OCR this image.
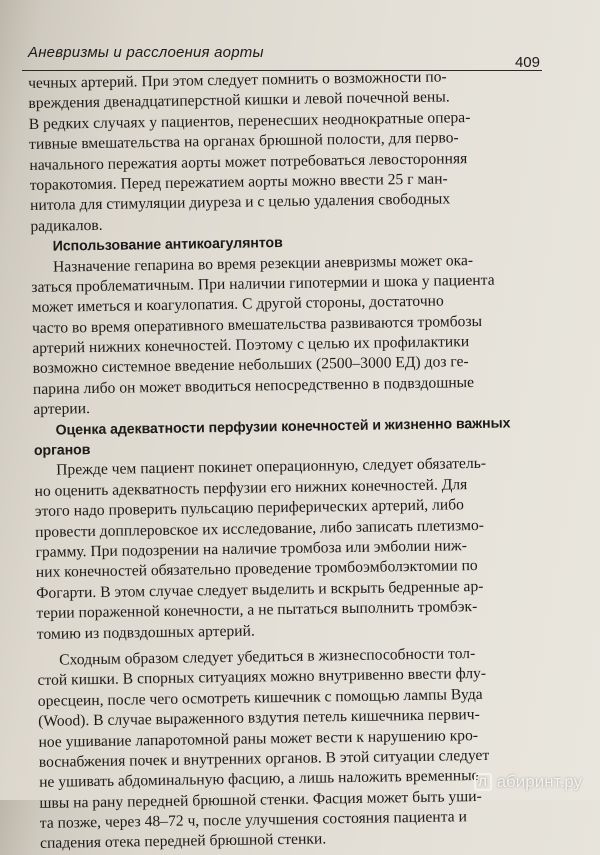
Аневризмы и расслоения аорты
409
чечных артерий. При этом следует помнить о возможности по-
вреждения двенадцатиперстной кишки и левой почечной вены.
В редких случаях у пациентов, перенесших неоднократные опера-
тивные вмешательства на органах брюшной полости, для перво-
начального пережатия аорты может потребоваться левосторонняя
торакотомия. Перед пережатием аорты можно ввести 25 г ман-
нитола для стимуляции диуреза и с целью удаления свободных
радикалов.
Использование антикоагулянтов
Назначение гепарина во время резекции аневризмы может ока-
заться проблематичным. При наличии гипотермии и шока у пациента
может иметься и коагулопатия. С другой стороны, достаточно
часто во время оперативного вмешательства развиваются тромбозы
артерий нижних конечностей. Поэтому с целью их профилактики
возможно системное введение небольших (2500–3000 ЕД) доз ге-
парина либо он может вводиться непосредственно в подвздошные
артерии.
Оценка адекватности перфузии конечностей и жизненно важных
органов
Прежде чем пациент покинет операционную, следует обязатель-
но оценить адекватность перфузии его нижних конечностей. Для
этого надо проверить пульсацию периферических артерий, либо
провести допплеровское их исследование, либо записать плетизмо-
грамму. При подозрении на наличие тромбоза или эмболии ниж-
них конечностей обязательно проведение тромбоэмболэктомии по
Фогарти. В этом случае следует выделить и вскрыть бедренные ар-
терии пораженной конечности, а не пытаться выполнить тромбэк-
томию из подвздошных артерий.
Сходным образом следует убедиться в жизнеспособности тол-
стой кишки. В спорных ситуациях можно внутривенно ввести флу-
оресцеин, после чего осмотреть кишечник с помощью лампы Вуда
(Wood). В случае выраженного вздутия петель кишечника первич-
ное ушивание лапаротомной раны может вести к нарушению кро-
воснабжения почек и внутренних органов. В этой ситуации следует
не ушивать абдоминальную фасцию, а лишь наложить временные
швы на рану передней брюшной стенки. Фасция может быть уши-
та позже, через 48–72 ч, после улучшения состояния пациента и
спадения отека передней брюшной стенки.
Л абиринт.ру
